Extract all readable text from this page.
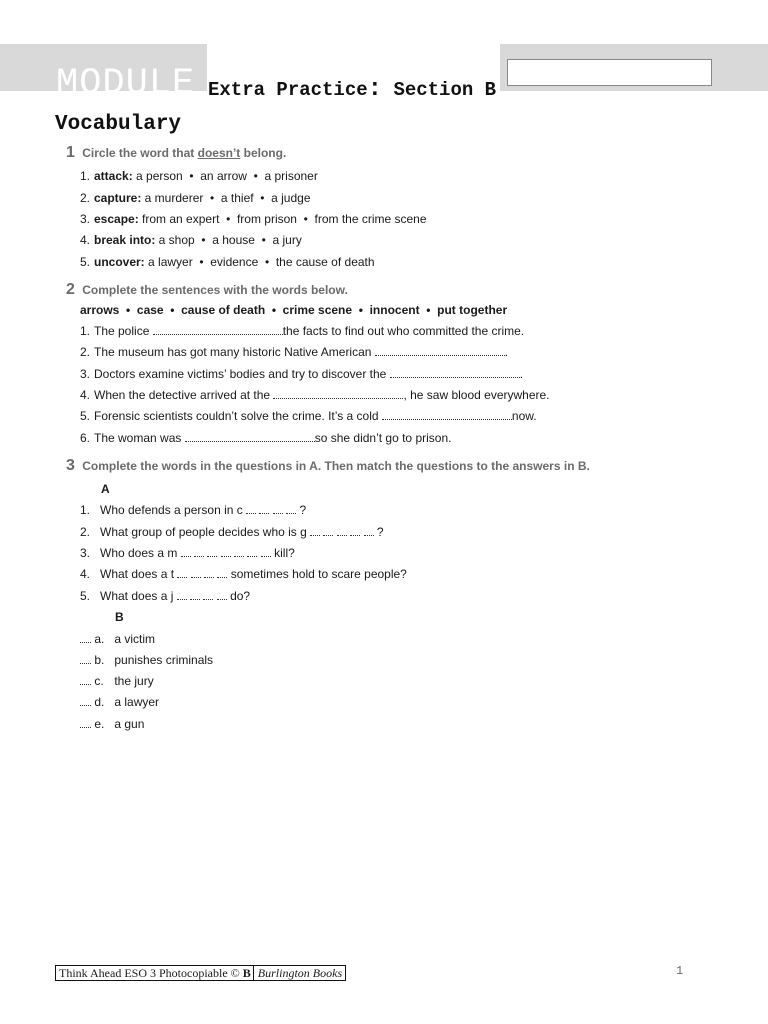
MODULE 5
Extra Practice: Section B
Vocabulary
1 Circle the word that doesn’t belong.
1. attack: a person  •  an arrow  •  a prisoner
2. capture: a murderer  •  a thief  •  a judge
3. escape: from an expert  •  from prison  •  from the crime scene
4. break into: a shop  •  a house  •  a jury
5. uncover: a lawyer  •  evidence  •  the cause of death
2 Complete the sentences with the words below.
arrows  •  case  •  cause of death  •  crime scene  •  innocent  •  put together
1. The police	the facts to find out who committed the crime.
2. The museum has got many historic Native American	.
3. Doctors examine victims’ bodies and try to discover the	.
4. When the detective arrived at the	, he saw blood everywhere.
5. Forensic scientists couldn’t solve the crime. It’s a cold	now.
6. The woman was	so she didn’t go to prison.
3 Complete the words in the questions in A. Then match the questions to the answers in B.
A
1. Who defends a person in c	?
2. What group of people decides who is g	?
3. Who does a m	kill?
4. What does a t	sometimes hold to scare people?
5. What does a j	do?
B
a. a victim
b. punishes criminals
c. the jury
d. a lawyer
e. a gun
Think Ahead ESO 3 Photocopiable © B Burlington Books	1
